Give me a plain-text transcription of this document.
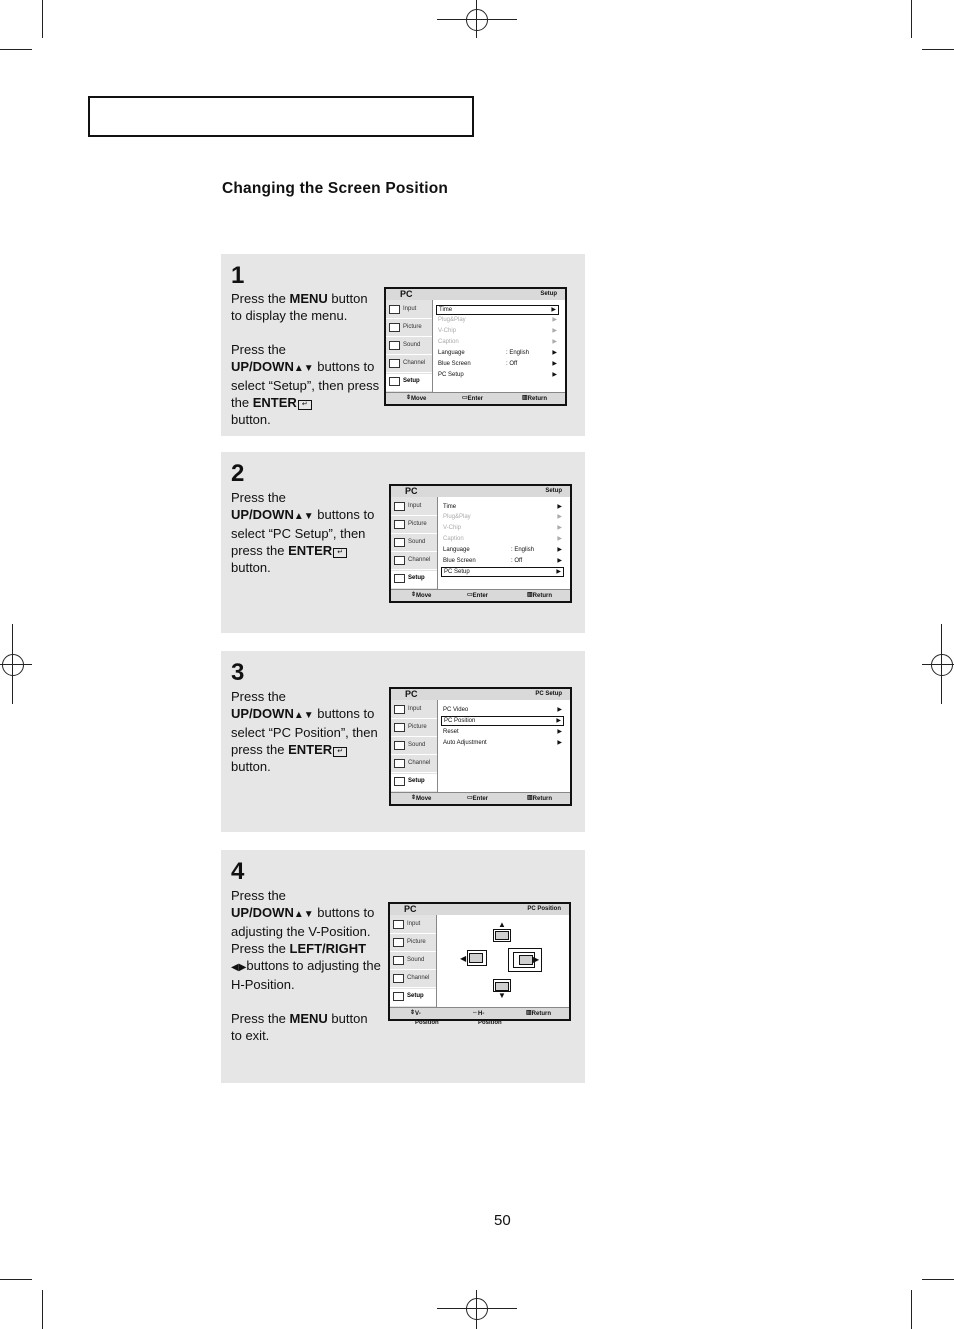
Changing the Screen Position
1
Press the MENU button to display the menu.
Press the
UP/DOWN▲▼ buttons to select “Setup”, then press the ENTER ↵
button.
PC	Setup
Input
Picture
Sound
Channel
Setup
Time	▶
Plug&Play	▶
V-Chip	▶
Caption	▶
Language	: English	▶
Blue Screen	: Off	▶
PC Setup	▶
⇕ Move	▭ Enter	▥ Return
2
Press the
UP/DOWN▲▼ buttons to select “PC Setup”, then press the ENTER ↵
button.
PC	Setup
Input
Picture
Sound
Channel
Setup
Time	▶
Plug&Play	▶
V-Chip	▶
Caption	▶
Language	: English	▶
Blue Screen	: Off	▶
PC Setup	▶
⇕ Move	▭ Enter	▥ Return
3
Press the
UP/DOWN▲▼ buttons to select “PC Position”, then press the ENTER ↵
button.
PC	PC Setup
Input
Picture
Sound
Channel
Setup
PC Video	▶
PC Position	▶
Reset	▶
Auto Adjustment	▶
⇕ Move	▭ Enter	▥ Return
4
Press the
UP/DOWN▲▼ buttons to adjusting the V-Position.
Press the LEFT/RIGHT
◀▶buttons to adjusting the H-Position.
Press the MENU button to exit.
PC	PC Position
Input
Picture
Sound
Channel
Setup
▲
◀	▶
▼
⇕ V-Position
⇔ H-Position
▥ Return
50
